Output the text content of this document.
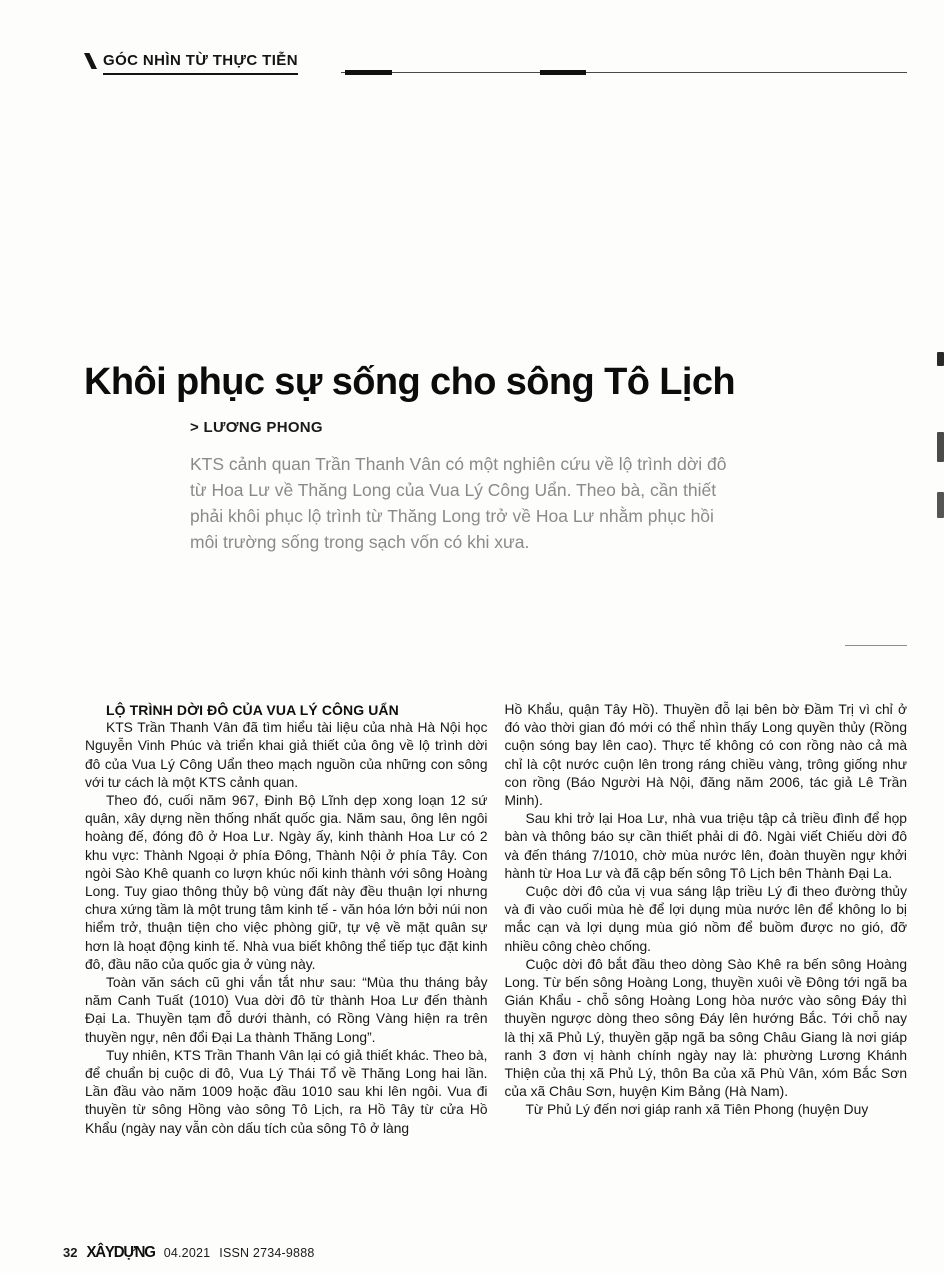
GÓC NHÌN TỪ THỰC TIỄN
Khôi phục sự sống cho sông Tô Lịch
> LƯƠNG PHONG
KTS cảnh quan Trần Thanh Vân có một nghiên cứu về lộ trình dời đô từ Hoa Lư về Thăng Long của Vua Lý Công Uẩn. Theo bà, cần thiết phải khôi phục lộ trình từ Thăng Long trở về Hoa Lư nhằm phục hồi môi trường sống trong sạch vốn có khi xưa.
LỘ TRÌNH DỜI ĐÔ CỦA VUA LÝ CÔNG UẨN

KTS Trần Thanh Vân đã tìm hiểu tài liệu của nhà Hà Nội học Nguyễn Vinh Phúc và triển khai giả thiết của ông về lộ trình dời đô của Vua Lý Công Uẩn theo mạch nguồn của những con sông với tư cách là một KTS cảnh quan.

Theo đó, cuối năm 967, Đinh Bộ Lĩnh dẹp xong loạn 12 sứ quân, xây dựng nền thống nhất quốc gia. Năm sau, ông lên ngôi hoàng đế, đóng đô ở Hoa Lư. Ngày ấy, kinh thành Hoa Lư có 2 khu vực: Thành Ngoại ở phía Đông, Thành Nội ở phía Tây. Con ngòi Sào Khê quanh co lượn khúc nối kinh thành với sông Hoàng Long. Tuy giao thông thủy bộ vùng đất này đều thuận lợi nhưng chưa xứng tầm là một trung tâm kinh tế - văn hóa lớn bởi núi non hiểm trở, thuận tiện cho việc phòng giữ, tự vệ về mặt quân sự hơn là hoạt động kinh tế. Nhà vua biết không thể tiếp tục đặt kinh đô, đầu não của quốc gia ở vùng này.

Toàn văn sách cũ ghi vắn tắt như sau: “Mùa thu tháng bảy năm Canh Tuất (1010) Vua dời đô từ thành Hoa Lư đến thành Đại La. Thuyền tạm đỗ dưới thành, có Rồng Vàng hiện ra trên thuyền ngự, nên đổi Đại La thành Thăng Long”.

Tuy nhiên, KTS Trần Thanh Vân lại có giả thiết khác. Theo bà, để chuẩn bị cuộc di đô, Vua Lý Thái Tổ về Thăng Long hai lần. Lần đầu vào năm 1009 hoặc đầu 1010 sau khi lên ngôi. Vua đi thuyền từ sông Hồng vào sông Tô Lịch, ra Hồ Tây từ cửa Hồ Khẩu (ngày nay vẫn còn dấu tích của sông Tô ở làng

Hồ Khẩu, quận Tây Hồ). Thuyền đỗ lại bên bờ Đầm Trị vì chỉ ở đó vào thời gian đó mới có thể nhìn thấy Long quyền thủy (Rồng cuộn sóng bay lên cao). Thực tế không có con rồng nào cả mà chỉ là cột nước cuộn lên trong ráng chiều vàng, trông giống như con rồng (Báo Người Hà Nội, đăng năm 2006, tác giả Lê Trần Minh).

Sau khi trở lại Hoa Lư, nhà vua triệu tập cả triều đình để họp bàn và thông báo sự cần thiết phải di đô. Ngài viết Chiếu dời đô và đến tháng 7/1010, chờ mùa nước lên, đoàn thuyền ngự khởi hành từ Hoa Lư và đã cập bến sông Tô Lịch bên Thành Đại La.

Cuộc dời đô của vị vua sáng lập triều Lý đi theo đường thủy và đi vào cuối mùa hè để lợi dụng mùa nước lên để không lo bị mắc cạn và lợi dụng mùa gió nồm để buồm được no gió, đỡ nhiều công chèo chống.

Cuộc dời đô bắt đầu theo dòng Sào Khê ra bến sông Hoàng Long. Từ bến sông Hoàng Long, thuyền xuôi về Đông tới ngã ba Gián Khẩu - chỗ sông Hoàng Long hòa nước vào sông Đáy thì thuyền ngược dòng theo sông Đáy lên hướng Bắc. Tới chỗ nay là thị xã Phủ Lý, thuyền gặp ngã ba sông Châu Giang là nơi giáp ranh 3 đơn vị hành chính ngày nay là: phường Lương Khánh Thiện của thị xã Phủ Lý, thôn Ba của xã Phù Vân, xóm Bắc Sơn của xã Châu Sơn, huyện Kim Bảng (Hà Nam).

Từ Phủ Lý đến nơi giáp ranh xã Tiên Phong (huyện Duy

32 XÂYDỰNG 04.2021 ISSN 2734-9888
